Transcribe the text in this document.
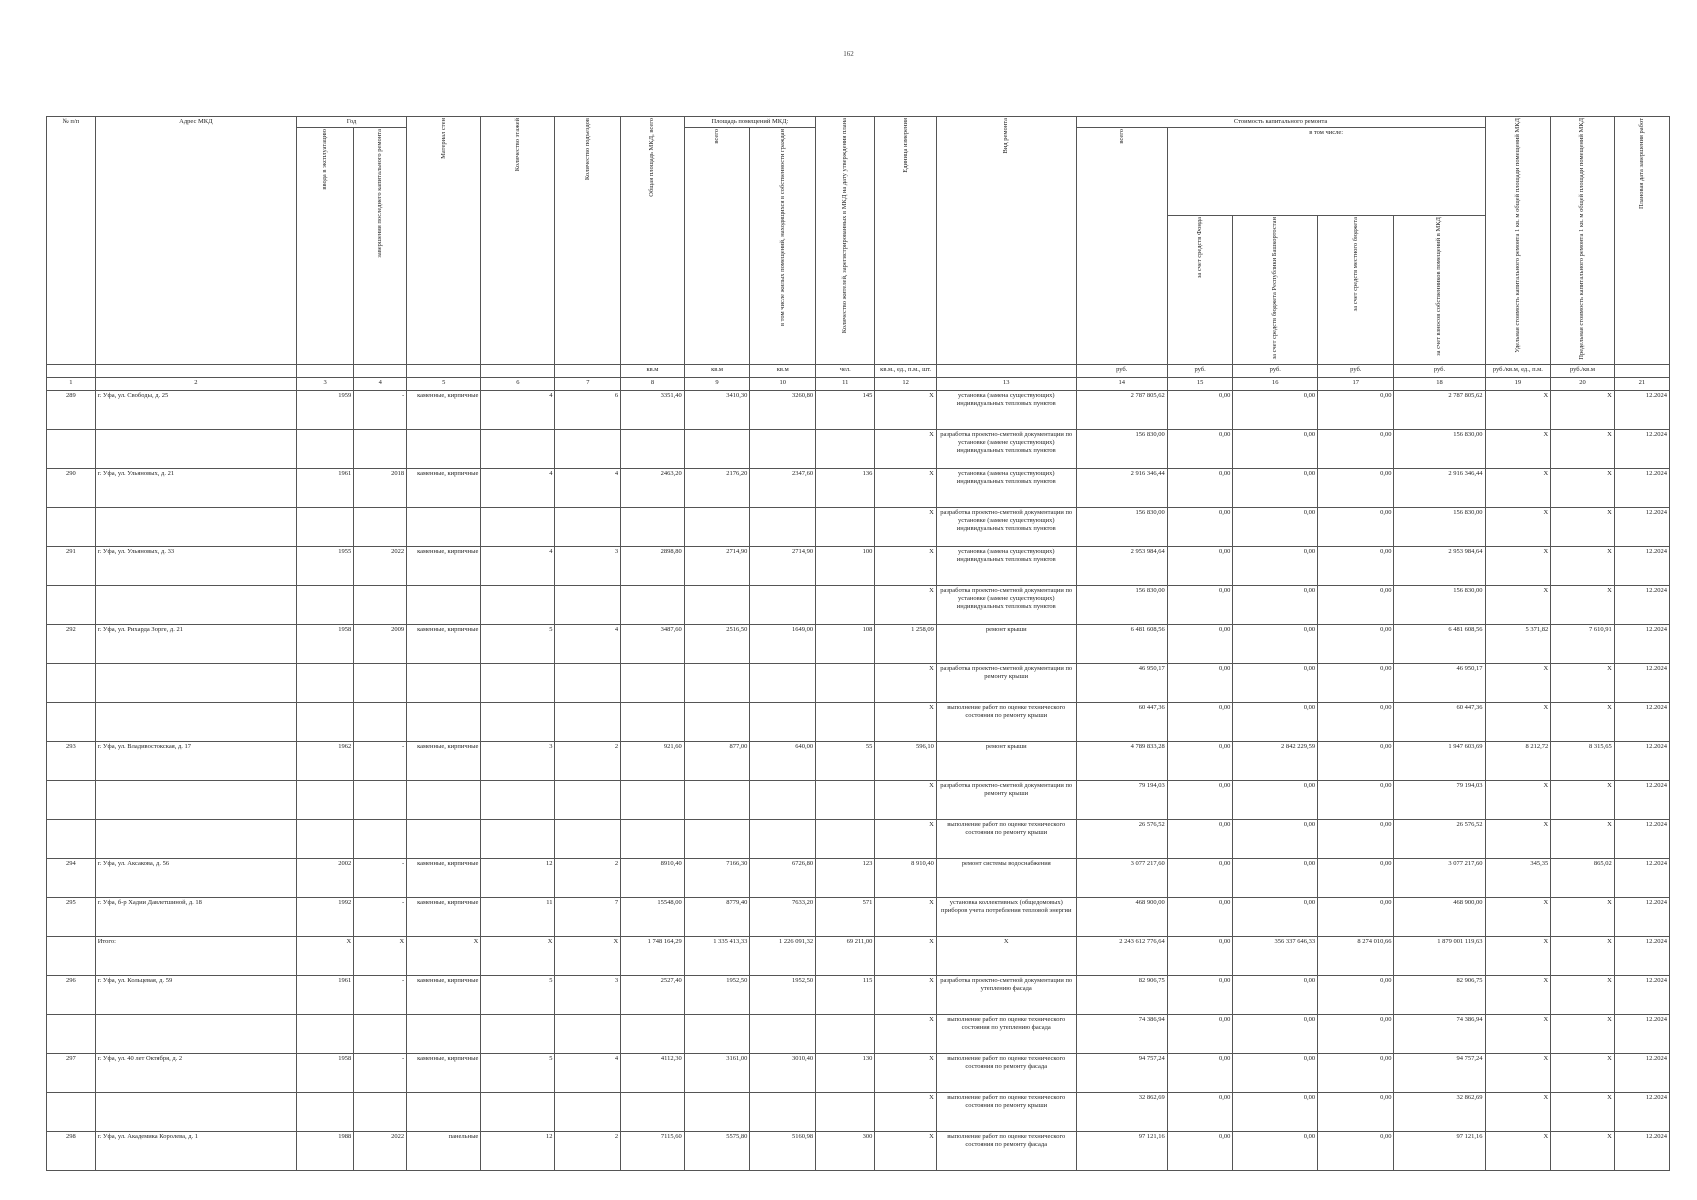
162
№ п/п	Адрес МКД	Год		Материал стен	Количество этажей	Количество подъездов	Общая площадь МКД, всего	Площадь помещений МКД:		Количество жителей, зарегистрированных в МКД на дату утверждения плана	Единица измерения	Вид ремонта	Стоимость капитального ремонта					Удельная стоимость капитального ремонта 1 кв. м общей площади помещений МКД	Предельная стоимость капитального ремонта 1 кв. м общей площади помещений МКД	Плановая дата завершения работ
		ввода в эксплуатацию	завершения последнего капитального ремонта					всего	в том числе жилых помещений, находящихся в собственности граждан				всего	в том числе:						
														за счет средств Фонда	за счет средств бюджета Республики Башкортостан	за счет средств местного бюджета	за счет взносов собственников помещений в МКД			
							кв.м	кв.м	кв.м	чел.	кв.м., ед., п.м., шт.		руб.	руб.	руб.	руб.	руб.	руб./кв.м, ед., п.м.	руб./кв.м	
1	2	3	4	5	6	7	8	9	10	11	12	13	14	15	16	17	18	19	20	21
289	г. Уфа, ул. Свободы, д. 25	1959	-	каменные, кирпичные	4	6	3351,40	3410,30	3260,80	145	X	установка (замена существующих) индивидуальных тепловых пунктов	2 787 805,62	0,00	0,00	0,00	2 787 805,62	X	X	12.2024
											X	разработка проектно-сметной документации по установке (замене существующих) индивидуальных тепловых пунктов	156 830,00	0,00	0,00	0,00	156 830,00	X	X	12.2024
290	г. Уфа, ул. Ульяновых, д. 21	1961	2018	каменные, кирпичные	4	4	2463,20	2176,20	2347,60	136	X	установка (замена существующих) индивидуальных тепловых пунктов	2 916 346,44	0,00	0,00	0,00	2 916 346,44	X	X	12.2024
											X	разработка проектно-сметной документации по установке (замене существующих) индивидуальных тепловых пунктов	156 830,00	0,00	0,00	0,00	156 830,00	X	X	12.2024
291	г. Уфа, ул. Ульяновых, д. 33	1955	2022	каменные, кирпичные	4	3	2898,80	2714,90	2714,90	100	X	установка (замена существующих) индивидуальных тепловых пунктов	2 953 984,64	0,00	0,00	0,00	2 953 984,64	X	X	12.2024
											X	разработка проектно-сметной документации по установке (замене существующих) индивидуальных тепловых пунктов	156 830,00	0,00	0,00	0,00	156 830,00	X	X	12.2024
292	г. Уфа, ул. Рихарда Зорге, д. 21	1958	2009	каменные, кирпичные	5	4	3487,60	2516,50	1649,00	108	1 258,09	ремонт крыши	6 481 608,56	0,00	0,00	0,00	6 481 608,56	5 371,82	7 610,91	12.2024
											X	разработка проектно-сметной документации по ремонту крыши	46 950,17	0,00	0,00	0,00	46 950,17	X	X	12.2024
											X	выполнение работ по оценке технического состояния по ремонту крыши	60 447,36	0,00	0,00	0,00	60 447,36	X	X	12.2024
293	г. Уфа, ул. Владивостокская, д. 17	1962	-	каменные, кирпичные	3	2	921,60	877,00	640,00	55	596,10	ремонт крыши	4 789 833,28	0,00	2 842 229,59	0,00	1 947 603,69	8 212,72	8 315,65	12.2024
											X	разработка проектно-сметной документации по ремонту крыши	79 194,03	0,00	0,00	0,00	79 194,03	X	X	12.2024
											X	выполнение работ по оценке технического состояния по ремонту крыши	26 576,52	0,00	0,00	0,00	26 576,52	X	X	12.2024
294	г. Уфа, ул. Аксакова, д. 56	2002	-	каменные, кирпичные	12	2	8910,40	7166,30	6726,80	123	8 910,40	ремонт системы водоснабжения	3 077 217,60	0,00	0,00	0,00	3 077 217,60	345,35	865,02	12.2024
295	г. Уфа, б-р Хадии Давлетшиной, д. 18	1992	-	каменные, кирпичные	11	7	15548,00	8779,40	7633,20	571	X	установка коллективных (общедомовых) приборов учета потребления тепловой энергии	468 900,00	0,00	0,00	0,00	468 900,00	X	X	12.2024
	Итого:	X	X	X	X	X	1 748 164,29	1 335 413,33	1 226 091,32	69 211,00	X	X	2 243 612 776,64	0,00	356 337 646,33	8 274 010,66	1 879 001 119,63	X	X	12.2024
296	г. Уфа, ул. Кольцевая, д. 59	1961	-	каменные, кирпичные	5	3	2527,40	1952,50	1952,50	115	X	разработка проектно-сметной документации по утеплению фасада	82 906,75	0,00	0,00	0,00	82 906,75	X	X	12.2024
											X	выполнение работ по оценке технического состояния по утеплению фасада	74 386,94	0,00	0,00	0,00	74 386,94	X	X	12.2024
297	г. Уфа, ул. 40 лет Октября, д. 2	1958	-	каменные, кирпичные	5	4	4112,30	3161,00	3010,40	130	X	выполнение работ по оценке технического состояния по ремонту фасада	94 757,24	0,00	0,00	0,00	94 757,24	X	X	12.2024
											X	выполнение работ по оценке технического состояния по ремонту крыши	32 862,69	0,00	0,00	0,00	32 862,69	X	X	12.2024
298	г. Уфа, ул. Академика Королева, д. 1	1988	2022	панельные	12	2	7115,60	5575,80	5160,98	300	X	выполнение работ по оценке технического состояния по ремонту фасада	97 121,16	0,00	0,00	0,00	97 121,16	X	X	12.2024
